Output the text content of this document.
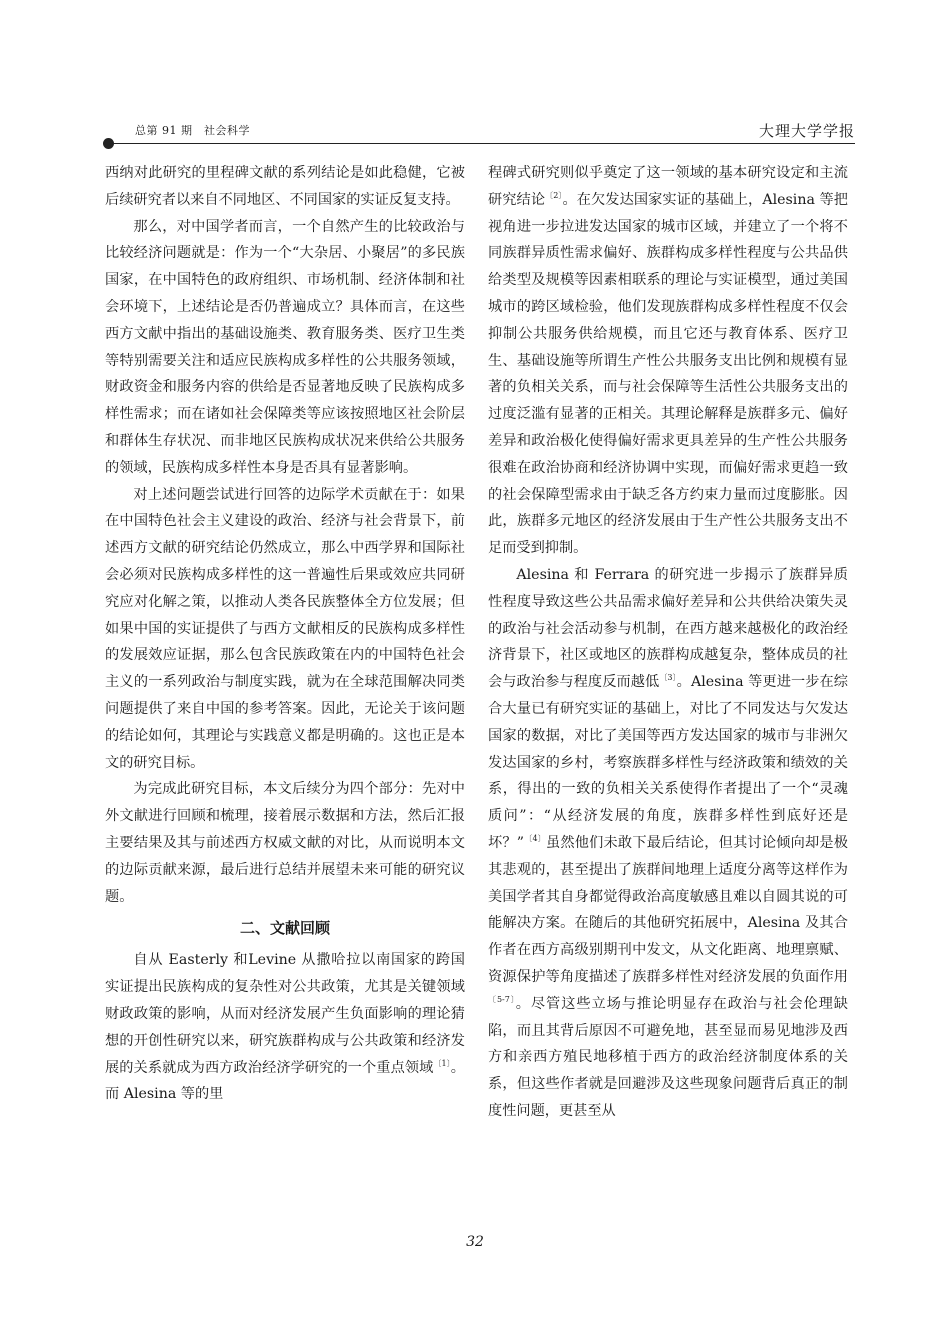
总第 91 期　社会科学	大理大学学报

西纳对此研究的里程碑文献的系列结论是如此稳健，它被后续研究者以来自不同地区、不同国家的实证反复支持。

那么，对中国学者而言，一个自然产生的比较政治与比较经济问题就是：作为一个“大杂居、小聚居”的多民族国家，在中国特色的政府组织、市场机制、经济体制和社会环境下，上述结论是否仍普遍成立？具体而言，在这些西方文献中指出的基础设施类、教育服务类、医疗卫生类等特别需要关注和适应民族构成多样性的公共服务领域，财政资金和服务内容的供给是否显著地反映了民族构成多样性需求；而在诸如社会保障类等应该按照地区社会阶层和群体生存状况、而非地区民族构成状况来供给公共服务的领域，民族构成多样性本身是否具有显著影响。

对上述问题尝试进行回答的边际学术贡献在于：如果在中国特色社会主义建设的政治、经济与社会背景下，前述西方文献的研究结论仍然成立，那么中西学界和国际社会必须对民族构成多样性的这一普遍性后果或效应共同研究应对化解之策，以推动人类各民族整体全方位发展；但如果中国的实证提供了与西方文献相反的民族构成多样性的发展效应证据，那么包含民族政策在内的中国特色社会主义的一系列政治与制度实践，就为在全球范围解决同类问题提供了来自中国的参考答案。因此，无论关于该问题的结论如何，其理论与实践意义都是明确的。这也正是本文的研究目标。

为完成此研究目标，本文后续分为四个部分：先对中外文献进行回顾和梳理，接着展示数据和方法，然后汇报主要结果及其与前述西方权威文献的对比，从而说明本文的边际贡献来源，最后进行总结并展望未来可能的研究议题。

二、文献回顾

自从 Easterly 和Levine 从撒哈拉以南国家的跨国实证提出民族构成的复杂性对公共政策，尤其是关键领域财政政策的影响，从而对经济发展产生负面影响的理论猜想的开创性研究以来，研究族群构成与公共政策和经济发展的关系就成为西方政治经济学研究的一个重点领域$^{〔1〕}$。而 Alesina 等的里

程碑式研究则似乎奠定了这一领域的基本研究设定和主流研究结论$^{〔2〕}$。在欠发达国家实证的基础上，Alesina 等把视角进一步拉进发达国家的城市区域，并建立了一个将不同族群异质性需求偏好、族群构成多样性程度与公共品供给类型及规模等因素相联系的理论与实证模型，通过美国城市的跨区域检验，他们发现族群构成多样性程度不仅会抑制公共服务供给规模，而且它还与教育体系、医疗卫生、基础设施等所谓生产性公共服务支出比例和规模有显著的负相关关系，而与社会保障等生活性公共服务支出的过度泛滥有显著的正相关。其理论解释是族群多元、偏好差异和政治极化使得偏好需求更具差异的生产性公共服务很难在政治协商和经济协调中实现，而偏好需求更趋一致的社会保障型需求由于缺乏各方约束力量而过度膨胀。因此，族群多元地区的经济发展由于生产性公共服务支出不足而受到抑制。

Alesina 和 Ferrara 的研究进一步揭示了族群异质性程度导致这些公共品需求偏好差异和公共供给决策失灵的政治与社会活动参与机制，在西方越来越极化的政治经济背景下，社区或地区的族群构成越复杂，整体成员的社会与政治参与程度反而越低$^{〔3〕}$。Alesina 等更进一步在综合大量已有研究实证的基础上，对比了不同发达与欠发达国家的数据，对比了美国等西方发达国家的城市与非洲欠发达国家的乡村，考察族群多样性与经济政策和绩效的关系，得出的一致的负相关关系使得作者提出了一个“灵魂质问”：“从经济发展的角度，族群多样性到底好还是坏？”$^{〔4〕}$虽然他们未敢下最后结论，但其讨论倾向却是极其悲观的，甚至提出了族群间地理上适度分离等这样作为美国学者其自身都觉得政治高度敏感且难以自圆其说的可能解决方案。在随后的其他研究拓展中，Alesina 及其合作者在西方高级别期刊中发文，从文化距离、地理禀赋、资源保护等角度描述了族群多样性对经济发展的负面作用$^{〔5-7〕}$。尽管这些立场与推论明显存在政治与社会伦理缺陷，而且其背后原因不可避免地，甚至显而易见地涉及西方和亲西方殖民地移植于西方的政治经济制度体系的关系，但这些作者就是回避涉及这些现象问题背后真正的制度性问题，更甚至从

32
